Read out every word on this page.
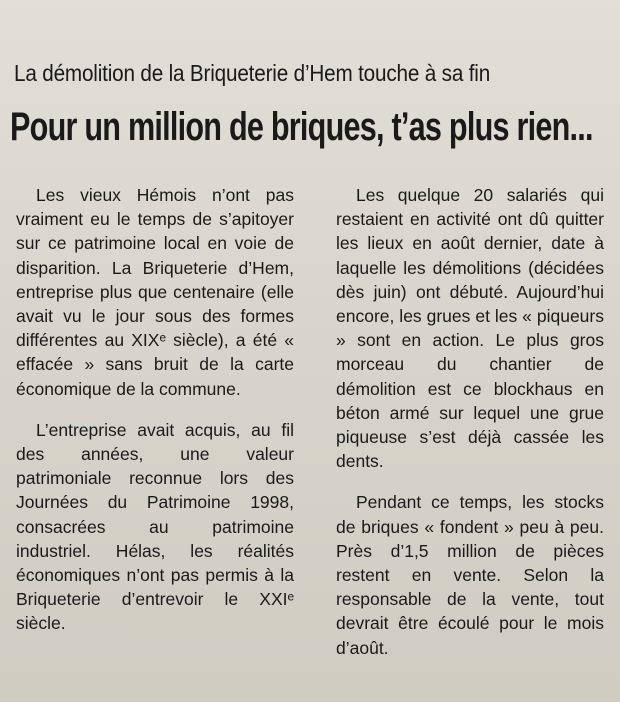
La démolition de la Briqueterie d’Hem touche à sa fin
Pour un million de briques, t’as plus rien...

Les vieux Hémois n’ont pas vraiment eu le temps de s’apitoyer sur ce patrimoine local en voie de disparition. La Briqueterie d’Hem, entreprise plus que centenaire (elle avait vu le jour sous des formes différentes au XIXᵉ siècle), a été « effacée » sans bruit de la carte économique de la commune.

L’entreprise avait acquis, au fil des années, une valeur patrimoniale reconnue lors des Journées du Patrimoine 1998, consacrées au patrimoine industriel. Hélas, les réalités économiques n’ont pas permis à la Briqueterie d’entrevoir le XXIᵉ siècle.

Les quelque 20 salariés qui restaient en activité ont dû quitter les lieux en août dernier, date à laquelle les démolitions (décidées dès juin) ont débuté. Aujourd’hui encore, les grues et les « piqueurs » sont en action. Le plus gros morceau du chantier de démolition est ce blockhaus en béton armé sur lequel une grue piqueuse s’est déjà cassée les dents.

Pendant ce temps, les stocks de briques « fondent » peu à peu. Près d’1,5 million de pièces restent en vente. Selon la responsable de la vente, tout devrait être écoulé pour le mois d’août.
